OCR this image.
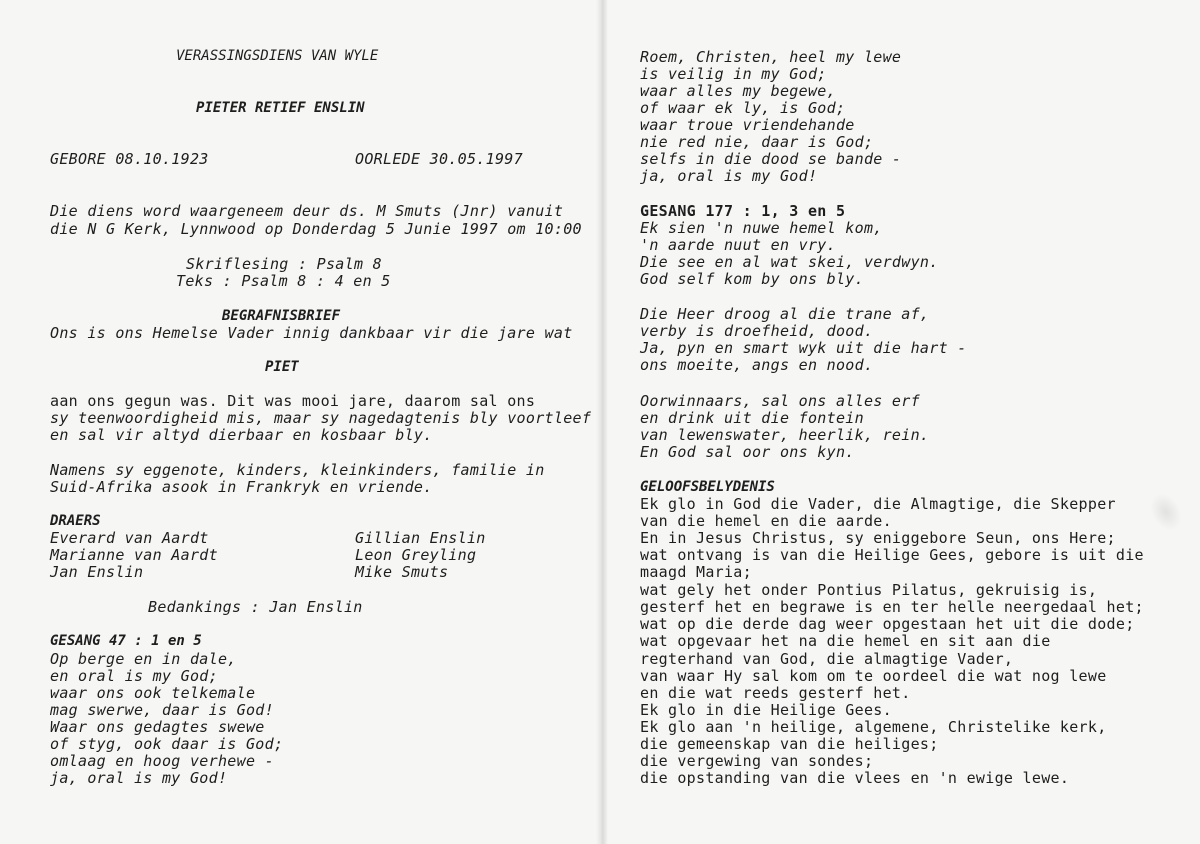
VERASSINGSDIENS VAN WYLE
PIETER RETIEF ENSLIN
GEBORE 08.10.1923	OORLEDE 30.05.1997
Die diens word waargeneem deur ds. M Smuts (Jnr) vanuit
die N G Kerk, Lynnwood op Donderdag 5 Junie 1997 om 10:00
Skriflesing : Psalm 8
Teks : Psalm 8 : 4 en 5
BEGRAFNISBRIEF
Ons is ons Hemelse Vader innig dankbaar vir die jare wat
PIET
aan ons gegun was. Dit was mooi jare, daarom sal ons
sy teenwoordigheid mis, maar sy nagedagtenis bly voortleef
en sal vir altyd dierbaar en kosbaar bly.
Namens sy eggenote, kinders, kleinkinders, familie in
Suid-Afrika asook in Frankryk en vriende.
DRAERS
Everard van Aardt
Marianne van Aardt
Jan Enslin
Gillian Enslin
Leon Greyling
Mike Smuts
Bedankings : Jan Enslin
GESANG 47 : 1 en 5
Op berge en in dale,
en oral is my God;
waar ons ook telkemale
mag swerwe, daar is God!
Waar ons gedagtes swewe
of styg, ook daar is God;
omlaag en hoog verhewe -
ja, oral is my God!
Roem, Christen, heel my lewe
is veilig in my God;
waar alles my begewe,
of waar ek ly, is God;
waar troue vriendehande
nie red nie, daar is God;
selfs in die dood se bande -
ja, oral is my God!
GESANG 177 : 1, 3 en 5
Ek sien 'n nuwe hemel kom,
'n aarde nuut en vry.
Die see en al wat skei, verdwyn.
God self kom by ons bly.
Die Heer droog al die trane af,
verby is droefheid, dood.
Ja, pyn en smart wyk uit die hart -
ons moeite, angs en nood.
Oorwinnaars, sal ons alles erf
en drink uit die fontein
van lewenswater, heerlik, rein.
En God sal oor ons kyn.
GELOOFSBELYDENIS
Ek glo in God die Vader, die Almagtige, die Skepper
van die hemel en die aarde.
En in Jesus Christus, sy eniggebore Seun, ons Here;
wat ontvang is van die Heilige Gees, gebore is uit die
maagd Maria;
wat gely het onder Pontius Pilatus, gekruisig is,
gesterf het en begrawe is en ter helle neergedaal het;
wat op die derde dag weer opgestaan het uit die dode;
wat opgevaar het na die hemel en sit aan die
regterhand van God, die almagtige Vader,
van waar Hy sal kom om te oordeel die wat nog lewe
en die wat reeds gesterf het.
Ek glo in die Heilige Gees.
Ek glo aan 'n heilige, algemene, Christelike kerk,
die gemeenskap van die heiliges;
die vergewing van sondes;
die opstanding van die vlees en 'n ewige lewe.
